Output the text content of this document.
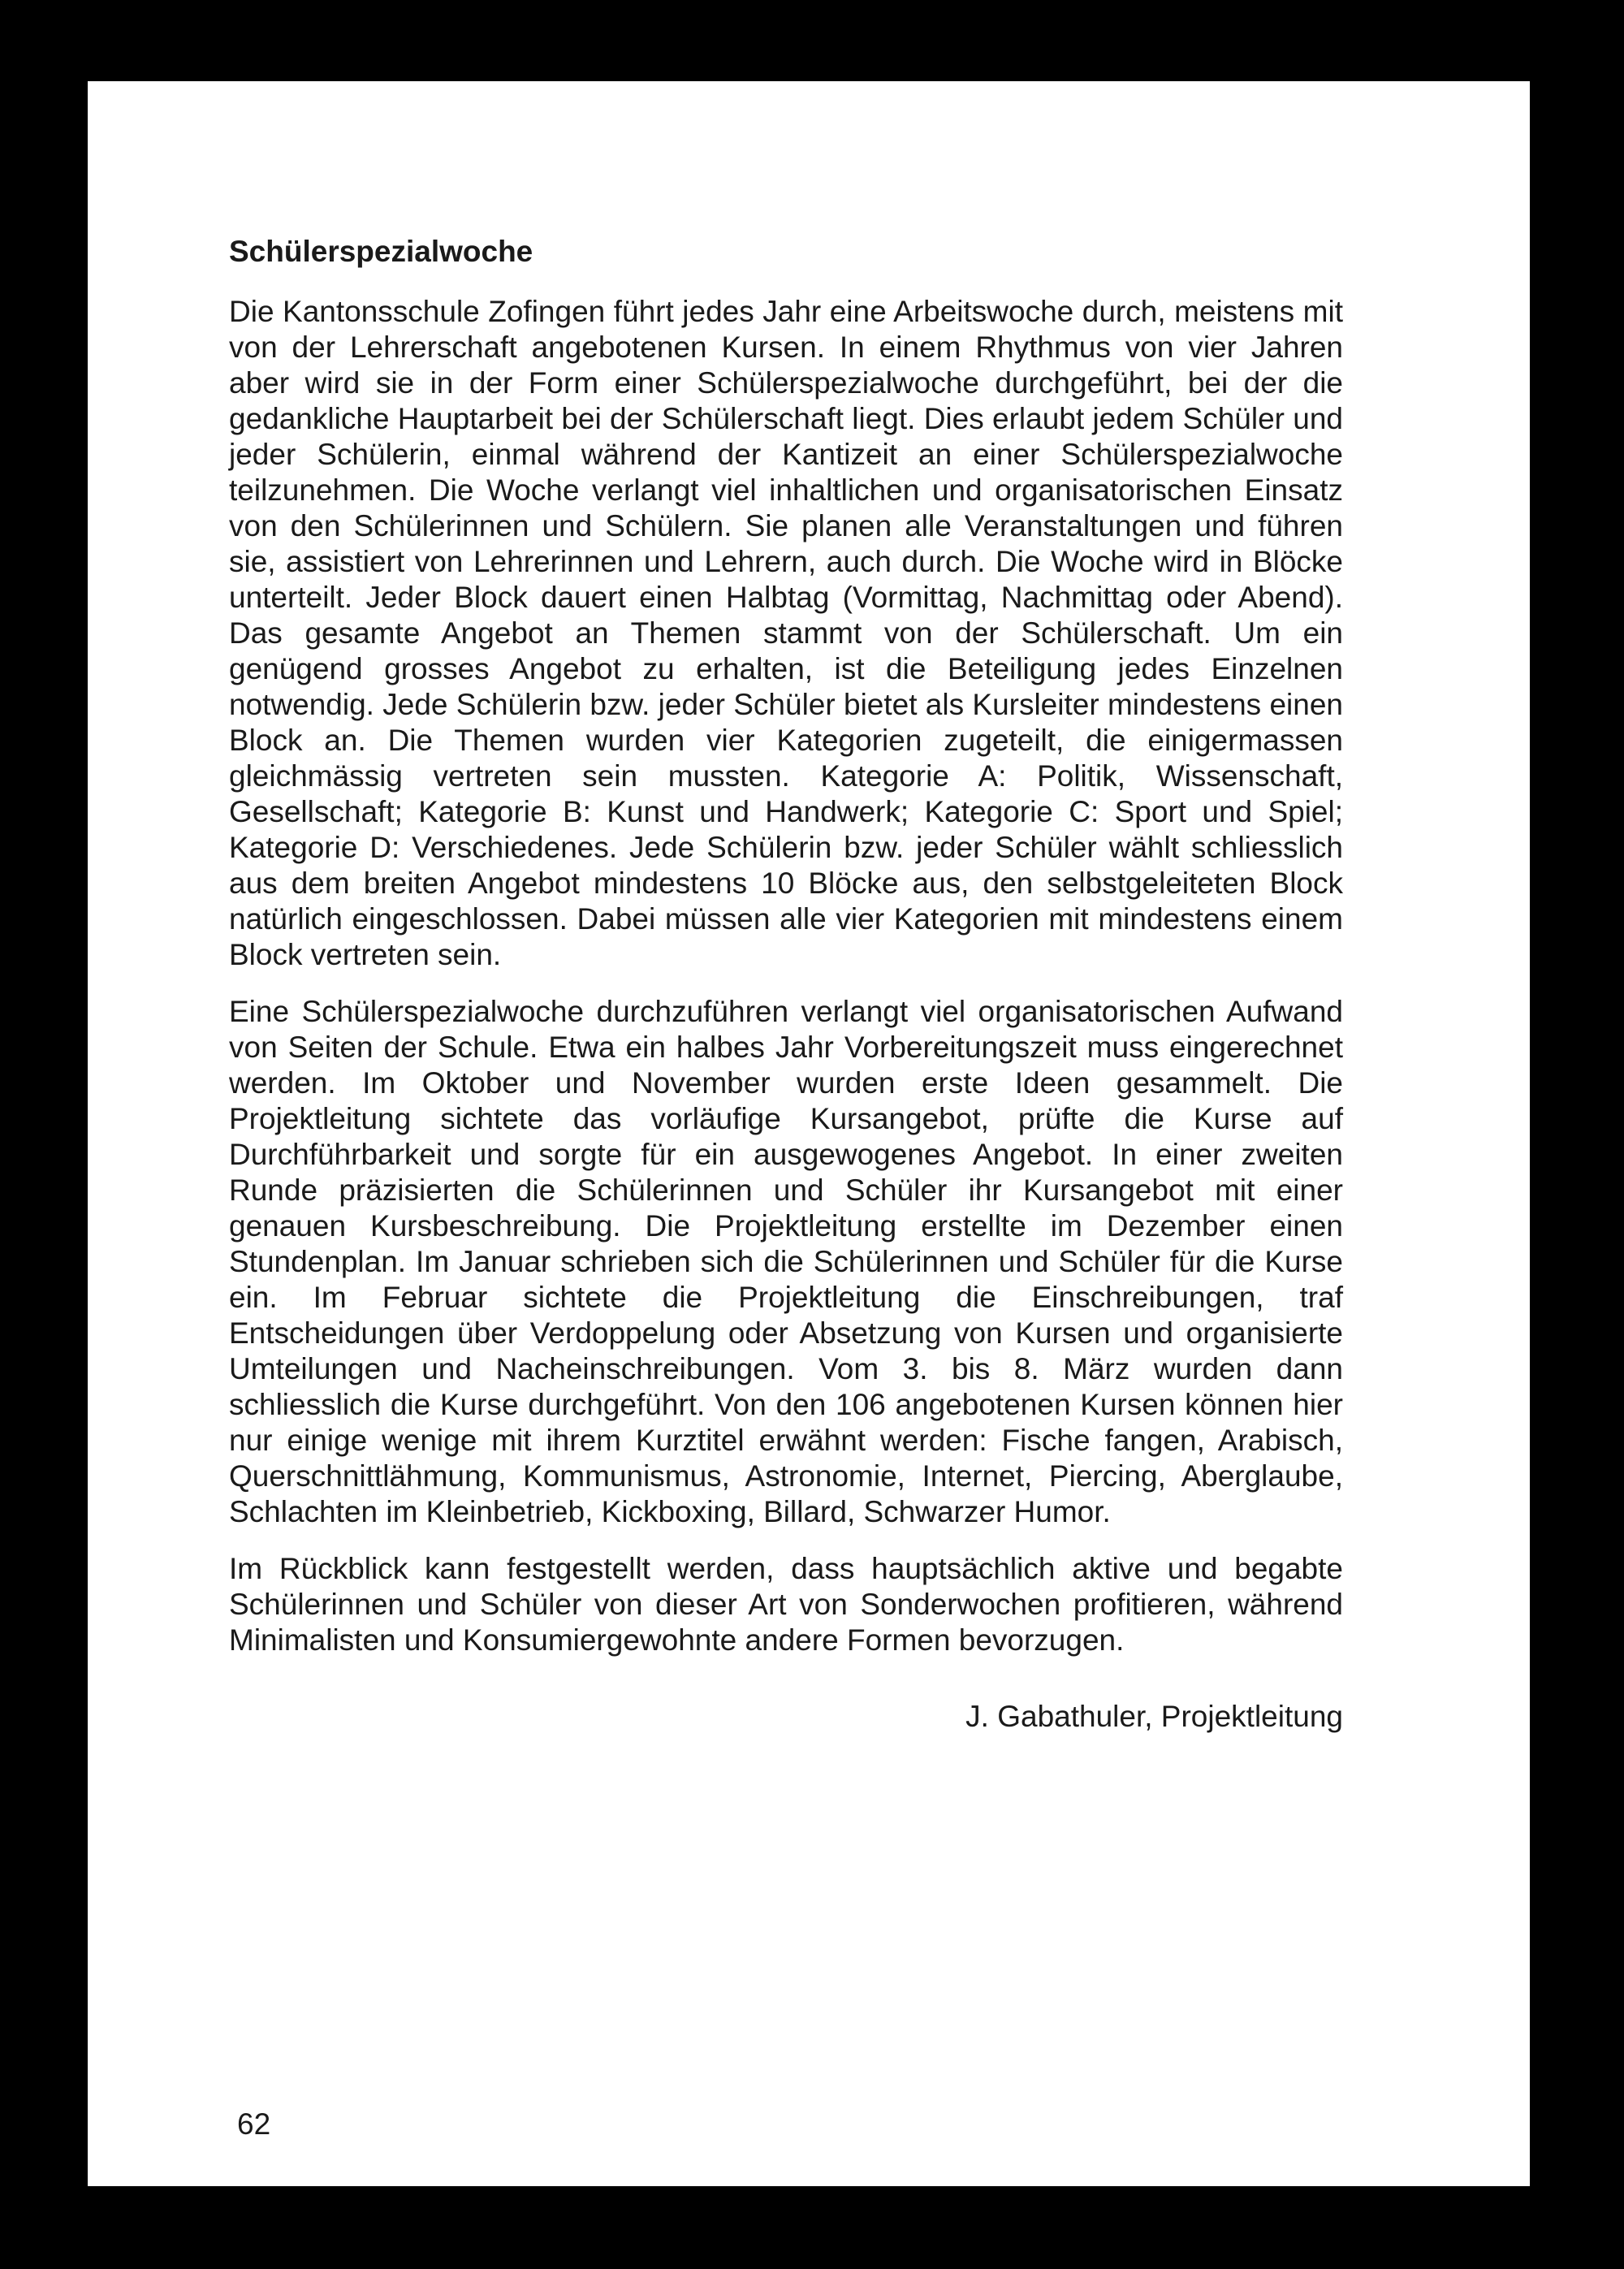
Schülerspezialwoche

Die Kantonsschule Zofingen führt jedes Jahr eine Arbeitswoche durch, meistens mit von der Lehrerschaft angebotenen Kursen. In einem Rhythmus von vier Jahren aber wird sie in der Form einer Schülerspezialwoche durchgeführt, bei der die gedankliche Hauptarbeit bei der Schülerschaft liegt. Dies erlaubt jedem Schüler und jeder Schülerin, einmal während der Kantizeit an einer Schülerspezialwoche teilzunehmen. Die Woche verlangt viel inhaltlichen und organisatorischen Einsatz von den Schülerinnen und Schülern. Sie planen alle Veranstaltungen und führen sie, assistiert von Lehrerinnen und Lehrern, auch durch. Die Woche wird in Blöcke unterteilt. Jeder Block dauert einen Halbtag (Vormittag, Nachmittag oder Abend). Das gesamte Angebot an Themen stammt von der Schülerschaft. Um ein genügend grosses Angebot zu erhalten, ist die Beteiligung jedes Einzelnen notwendig. Jede Schülerin bzw. jeder Schüler bietet als Kursleiter mindestens einen Block an. Die Themen wurden vier Kategorien zugeteilt, die einigermassen gleichmässig vertreten sein mussten. Kategorie A: Politik, Wissenschaft, Gesellschaft; Kategorie B: Kunst und Handwerk; Kategorie C: Sport und Spiel; Kategorie D: Verschiedenes. Jede Schülerin bzw. jeder Schüler wählt schliesslich aus dem breiten Angebot mindestens 10 Blöcke aus, den selbstgeleiteten Block natürlich eingeschlossen. Dabei müssen alle vier Kategorien mit mindestens einem Block vertreten sein.

Eine Schülerspezialwoche durchzuführen verlangt viel organisatorischen Aufwand von Seiten der Schule. Etwa ein halbes Jahr Vorbereitungszeit muss eingerechnet werden. Im Oktober und November wurden erste Ideen gesammelt. Die Projektleitung sichtete das vorläufige Kursangebot, prüfte die Kurse auf Durchführbarkeit und sorgte für ein ausgewogenes Angebot. In einer zweiten Runde präzisierten die Schülerinnen und Schüler ihr Kursangebot mit einer genauen Kursbeschreibung. Die Projektleitung erstellte im Dezember einen Stundenplan. Im Januar schrieben sich die Schülerinnen und Schüler für die Kurse ein. Im Februar sichtete die Projektleitung die Einschreibungen, traf Entscheidungen über Verdoppelung oder Absetzung von Kursen und organisierte Umteilungen und Nacheinschreibungen. Vom 3. bis 8. März wurden dann schliesslich die Kurse durchgeführt. Von den 106 angebotenen Kursen können hier nur einige wenige mit ihrem Kurztitel erwähnt werden: Fische fangen, Arabisch, Querschnittlähmung, Kommunismus, Astronomie, Internet, Piercing, Aberglaube, Schlachten im Kleinbetrieb, Kickboxing, Billard, Schwarzer Humor.

Im Rückblick kann festgestellt werden, dass hauptsächlich aktive und begabte Schülerinnen und Schüler von dieser Art von Sonderwochen profitieren, während Minimalisten und Konsumiergewohnte andere Formen bevorzugen.

J. Gabathuler, Projektleitung
62
